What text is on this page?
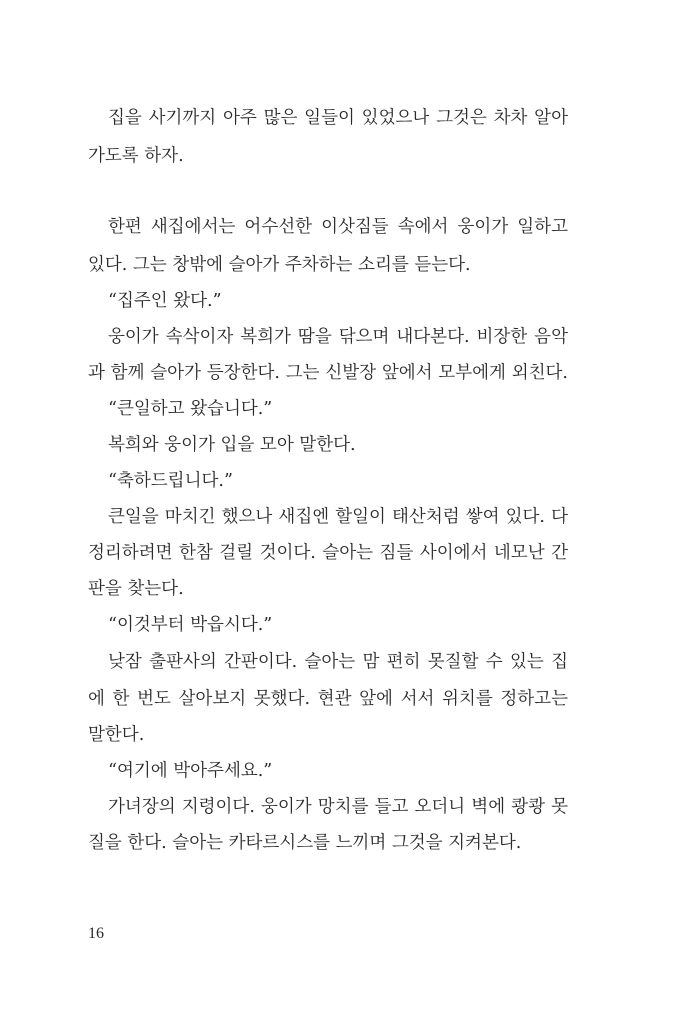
집을 사기까지 아주 많은 일들이 있었으나 그것은 차차 알아
가도록 하자.
한편 새집에서는 어수선한 이삿짐들 속에서 웅이가 일하고
있다. 그는 창밖에 슬아가 주차하는 소리를 듣는다.
“집주인 왔다.”
웅이가 속삭이자 복희가 땀을 닦으며 내다본다. 비장한 음악
과 함께 슬아가 등장한다. 그는 신발장 앞에서 모부에게 외친다.
“큰일하고 왔습니다.”
복희와 웅이가 입을 모아 말한다.
“축하드립니다.”
큰일을 마치긴 했으나 새집엔 할일이 태산처럼 쌓여 있다. 다
정리하려면 한참 걸릴 것이다. 슬아는 짐들 사이에서 네모난 간
판을 찾는다.
“이것부터 박읍시다.”
낮잠 출판사의 간판이다. 슬아는 맘 편히 못질할 수 있는 집
에 한 번도 살아보지 못했다. 현관 앞에 서서 위치를 정하고는
말한다.
“여기에 박아주세요.”
가녀장의 지령이다. 웅이가 망치를 들고 오더니 벽에 쾅쾅 못
질을 한다. 슬아는 카타르시스를 느끼며 그것을 지켜본다.
16
